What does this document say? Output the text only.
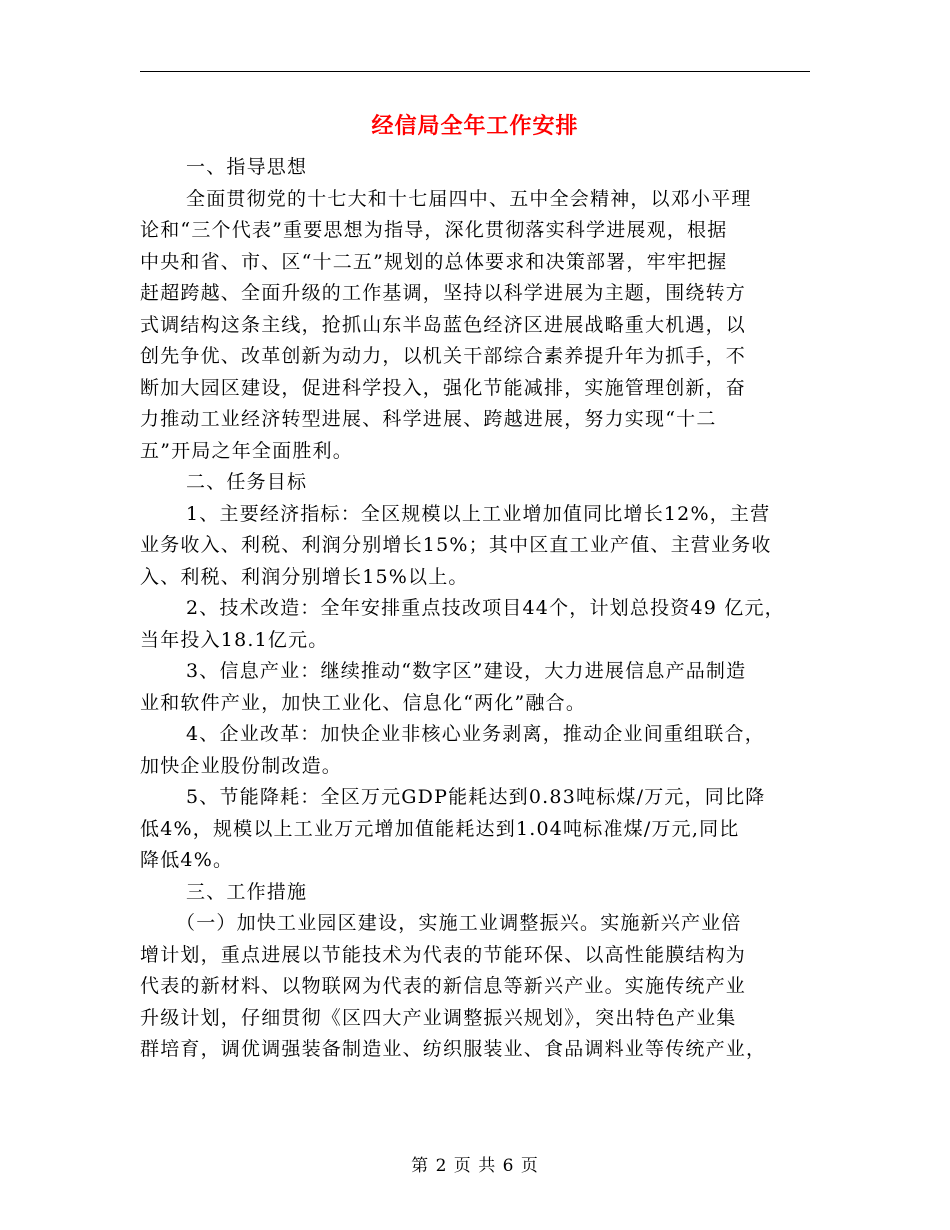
经信局全年工作安排
一、指导思想
全面贯彻党的十七大和十七届四中、五中全会精神，以邓小平理
论和“三个代表”重要思想为指导，深化贯彻落实科学进展观，根据
中央和省、市、区“十二五”规划的总体要求和决策部署，牢牢把握
赶超跨越、全面升级的工作基调，坚持以科学进展为主题，围绕转方
式调结构这条主线，抢抓山东半岛蓝色经济区进展战略重大机遇，以
创先争优、改革创新为动力，以机关干部综合素养提升年为抓手，不
断加大园区建设，促进科学投入，强化节能减排，实施管理创新，奋
力推动工业经济转型进展、科学进展、跨越进展，努力实现“十二
五”开局之年全面胜利。
二、任务目标
1、主要经济指标：全区规模以上工业增加值同比增长12%，主营
业务收入、利税、利润分别增长15%；其中区直工业产值、主营业务收
入、利税、利润分别增长15%以上。
2、技术改造：全年安排重点技改项目44个，计划总投资49 亿元，
当年投入18.1亿元。
3、信息产业：继续推动“数字区”建设，大力进展信息产品制造
业和软件产业，加快工业化、信息化“两化”融合。
4、企业改革：加快企业非核心业务剥离，推动企业间重组联合，
加快企业股份制改造。
5、节能降耗：全区万元GDP能耗达到0.83吨标煤/万元，同比降
低4%，规模以上工业万元增加值能耗达到1.04吨标准煤/万元,同比
降低4%。
三、工作措施
（一）加快工业园区建设，实施工业调整振兴。实施新兴产业倍
增计划，重点进展以节能技术为代表的节能环保、以高性能膜结构为
代表的新材料、以物联网为代表的新信息等新兴产业。实施传统产业
升级计划，仔细贯彻《区四大产业调整振兴规划》，突出特色产业集
群培育，调优调强装备制造业、纺织服装业、食品调料业等传统产业，
第 2 页 共 6 页
